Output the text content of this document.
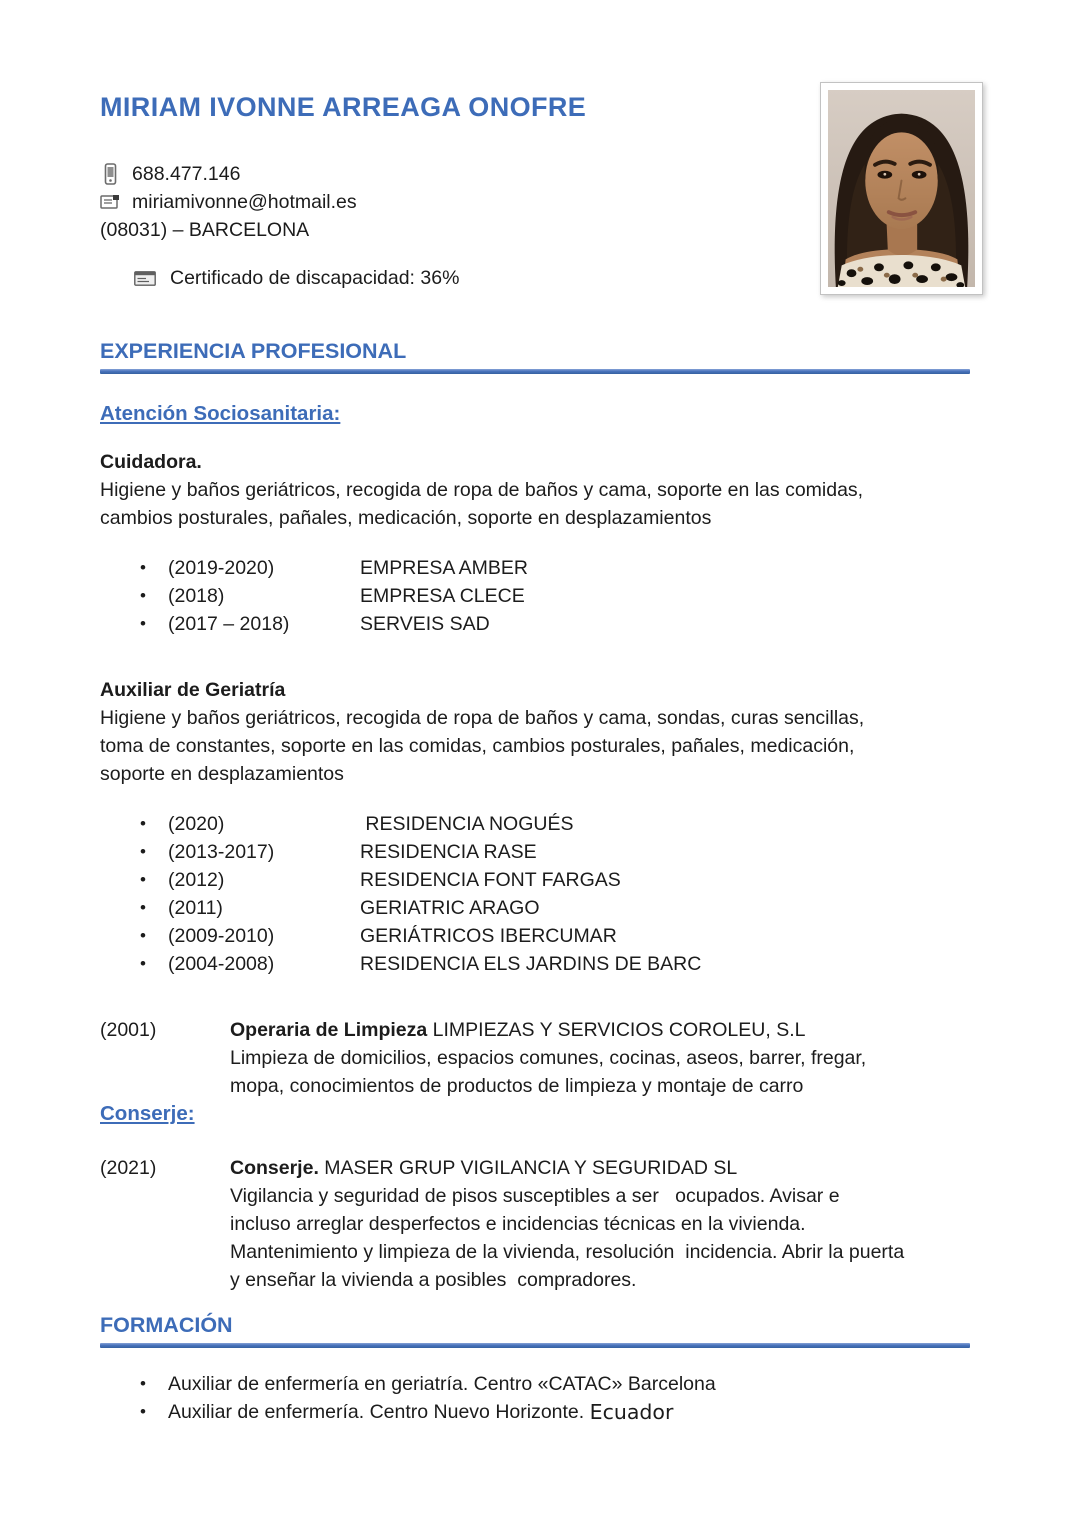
MIRIAM IVONNE ARREAGA ONOFRE
688.477.146
miriamivonne@hotmail.es
(08031) – BARCELONA
Certificado de discapacidad: 36%
EXPERIENCIA PROFESIONAL
Atención Sociosanitaria:
Cuidadora.
Higiene y baños geriátricos, recogida de ropa de baños y cama, soporte en las comidas,
cambios posturales, pañales, medicación, soporte en desplazamientos
•
(2019-2020)	EMPRESA AMBER
•
(2018)	EMPRESA CLECE
•
(2017 – 2018)	SERVEIS SAD
Auxiliar de Geriatría
Higiene y baños geriátricos, recogida de ropa de baños y cama, sondas, curas sencillas,
toma de constantes, soporte en las comidas, cambios posturales, pañales, medicación,
soporte en desplazamientos
•
(2020)	RESIDENCIA NOGUÉS
•
(2013-2017)	RESIDENCIA RASE
•
(2012)	RESIDENCIA FONT FARGAS
•
(2011)	GERIATRIC ARAGO
•
(2009-2010)	GERIÁTRICOS IBERCUMAR
•
(2004-2008)	RESIDENCIA ELS JARDINS DE BARC
(2001)	Operaria de Limpieza LIMPIEZAS Y SERVICIOS COROLEU, S.L
Limpieza de domicilios, espacios comunes, cocinas, aseos, barrer, fregar,
mopa, conocimientos de productos de limpieza y montaje de carro
Conserje:
(2021)	Conserje. MASER GRUP VIGILANCIA Y SEGURIDAD SL
Vigilancia y seguridad de pisos susceptibles a ser   ocupados. Avisar e
incluso arreglar desperfectos e incidencias técnicas en la vivienda.
Mantenimiento y limpieza de la vivienda, resolución  incidencia. Abrir la puerta
y enseñar la vivienda a posibles  compradores.
FORMACIÓN
•
Auxiliar de enfermería en geriatría. Centro «CATAC» Barcelona
•
Auxiliar de enfermería. Centro Nuevo Horizonte. Ecuador
